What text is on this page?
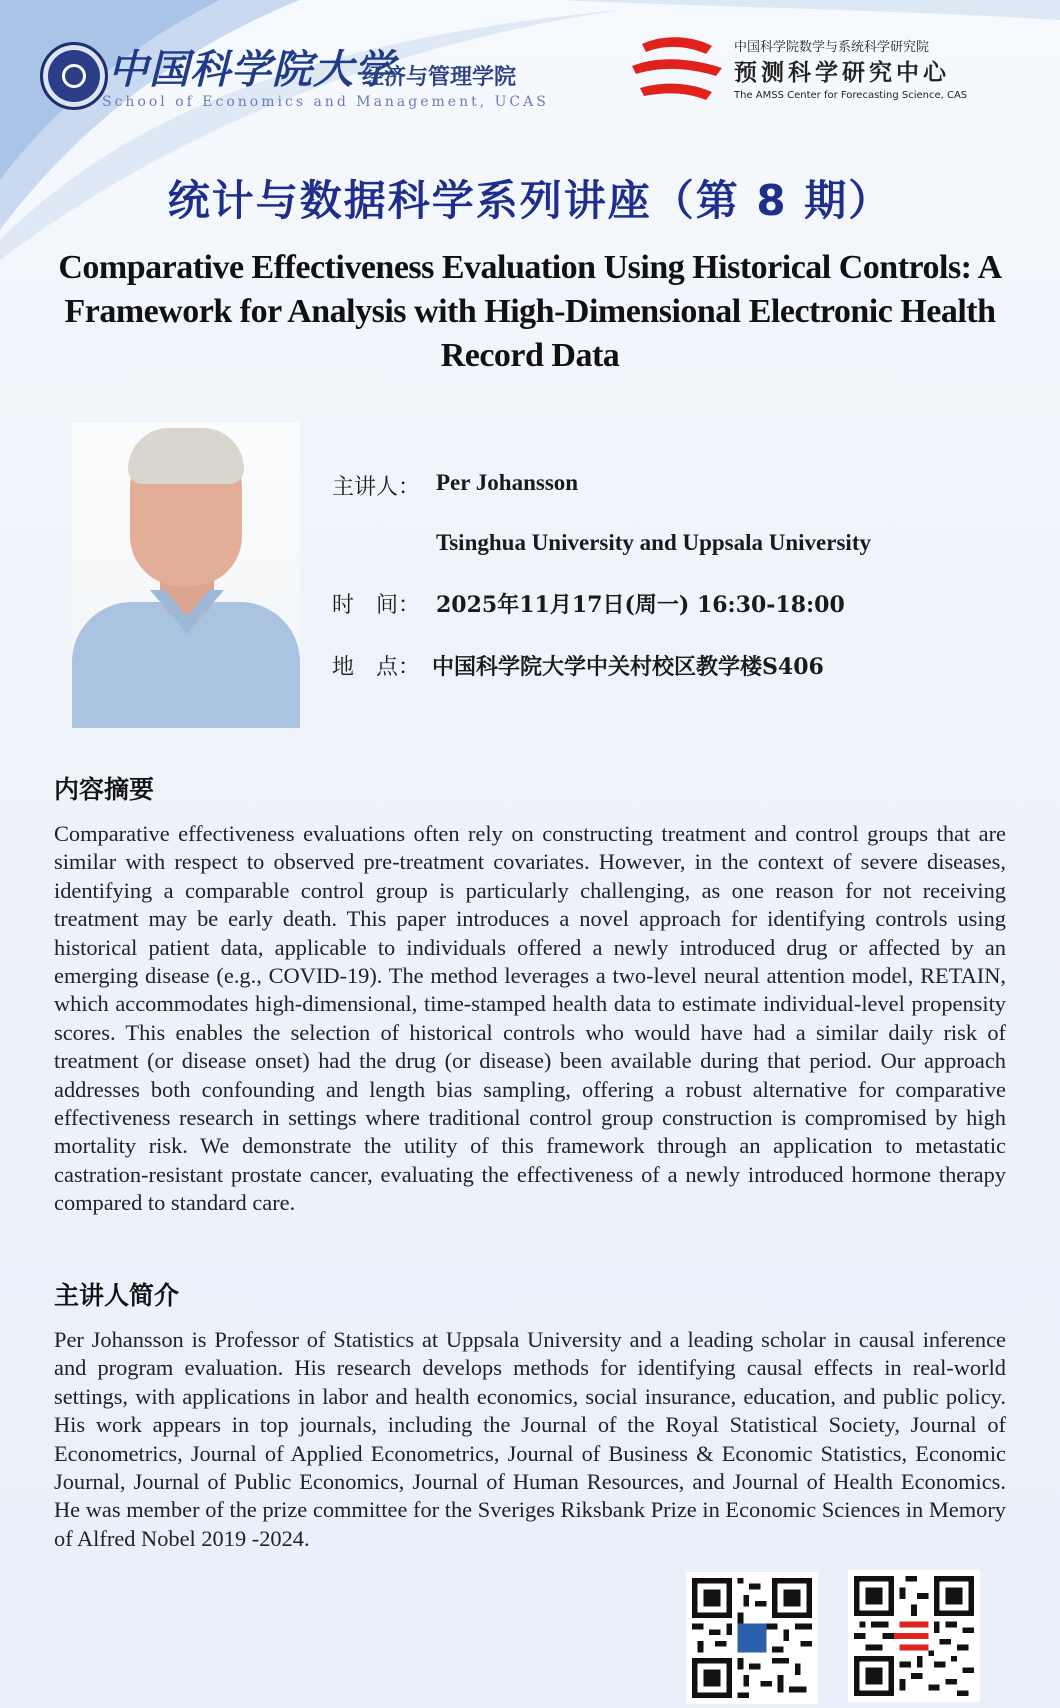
中国科学院大学
经济与管理学院
School of Economics and Management, UCAS
中国科学院数学与系统科学研究院
预测科学研究中心
The AMSS Center for Forecasting Science, CAS
统计与数据科学系列讲座（第 8 期）
Comparative Effectiveness Evaluation Using Historical Controls: A Framework for Analysis with High-Dimensional Electronic Health Record Data
主讲人： Per Johansson
Tsinghua University and Uppsala University
时　间： 2025年11月17日(周一) 16:30-18:00
地　点： 中国科学院大学中关村校区教学楼S406
内容摘要

Comparative effectiveness evaluations often rely on constructing treatment and control groups that are similar with respect to observed pre-treatment covariates. However, in the context of severe diseases, identifying a comparable control group is particularly challenging, as one reason for not receiving treatment may be early death. This paper introduces a novel approach for identifying controls using historical patient data, applicable to individuals offered a newly introduced drug or affected by an emerging disease (e.g., COVID-19). The method leverages a two-level neural attention model, RETAIN, which accommodates high-dimensional, time-stamped health data to estimate individual-level propensity scores. This enables the selection of historical controls who would have had a similar daily risk of treatment (or disease onset) had the drug (or disease) been available during that period. Our approach addresses both confounding and length bias sampling, offering a robust alternative for comparative effectiveness research in settings where traditional control group construction is compromised by high mortality risk. We demonstrate the utility of this framework through an application to metastatic castration-resistant prostate cancer, evaluating the effectiveness of a newly introduced hormone therapy compared to standard care.

主讲人简介

Per Johansson is Professor of Statistics at Uppsala University and a leading scholar in causal inference and program evaluation. His research develops methods for identifying causal effects in real-world settings, with applications in labor and health economics, social insurance, education, and public policy. His work appears in top journals, including the Journal of the Royal Statistical Society, Journal of Econometrics, Journal of Applied Econometrics, Journal of Business & Economic Statistics, Economic Journal, Journal of Public Economics, Journal of Human Resources, and Journal of Health Economics. He was member of the prize committee for the Sveriges Riksbank Prize in Economic Sciences in Memory of Alfred Nobel 2019 -2024.
